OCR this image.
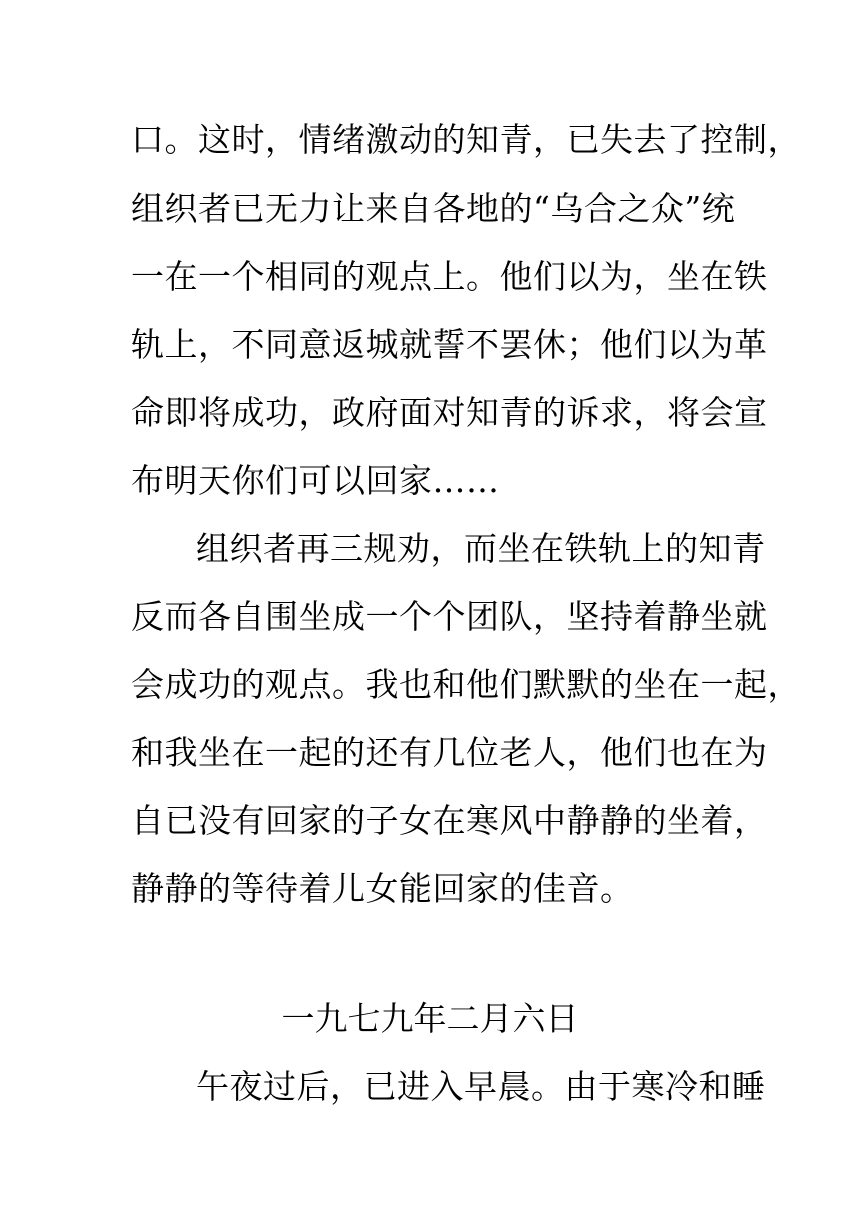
口。这时，情绪激动的知青，已失去了控制，
组织者已无力让来自各地的“乌合之众”统
一在一个相同的观点上。他们以为，坐在铁
轨上，不同意返城就誓不罢休；他们以为革
命即将成功，政府面对知青的诉求，将会宣
布明天你们可以回家……
组织者再三规劝，而坐在铁轨上的知青
反而各自围坐成一个个团队，坚持着静坐就
会成功的观点。我也和他们默默的坐在一起，
和我坐在一起的还有几位老人，他们也在为
自已没有回家的子女在寒风中静静的坐着，
静静的等待着儿女能回家的佳音。
一九七九年二月六日
午夜过后，已进入早晨。由于寒冷和睡
